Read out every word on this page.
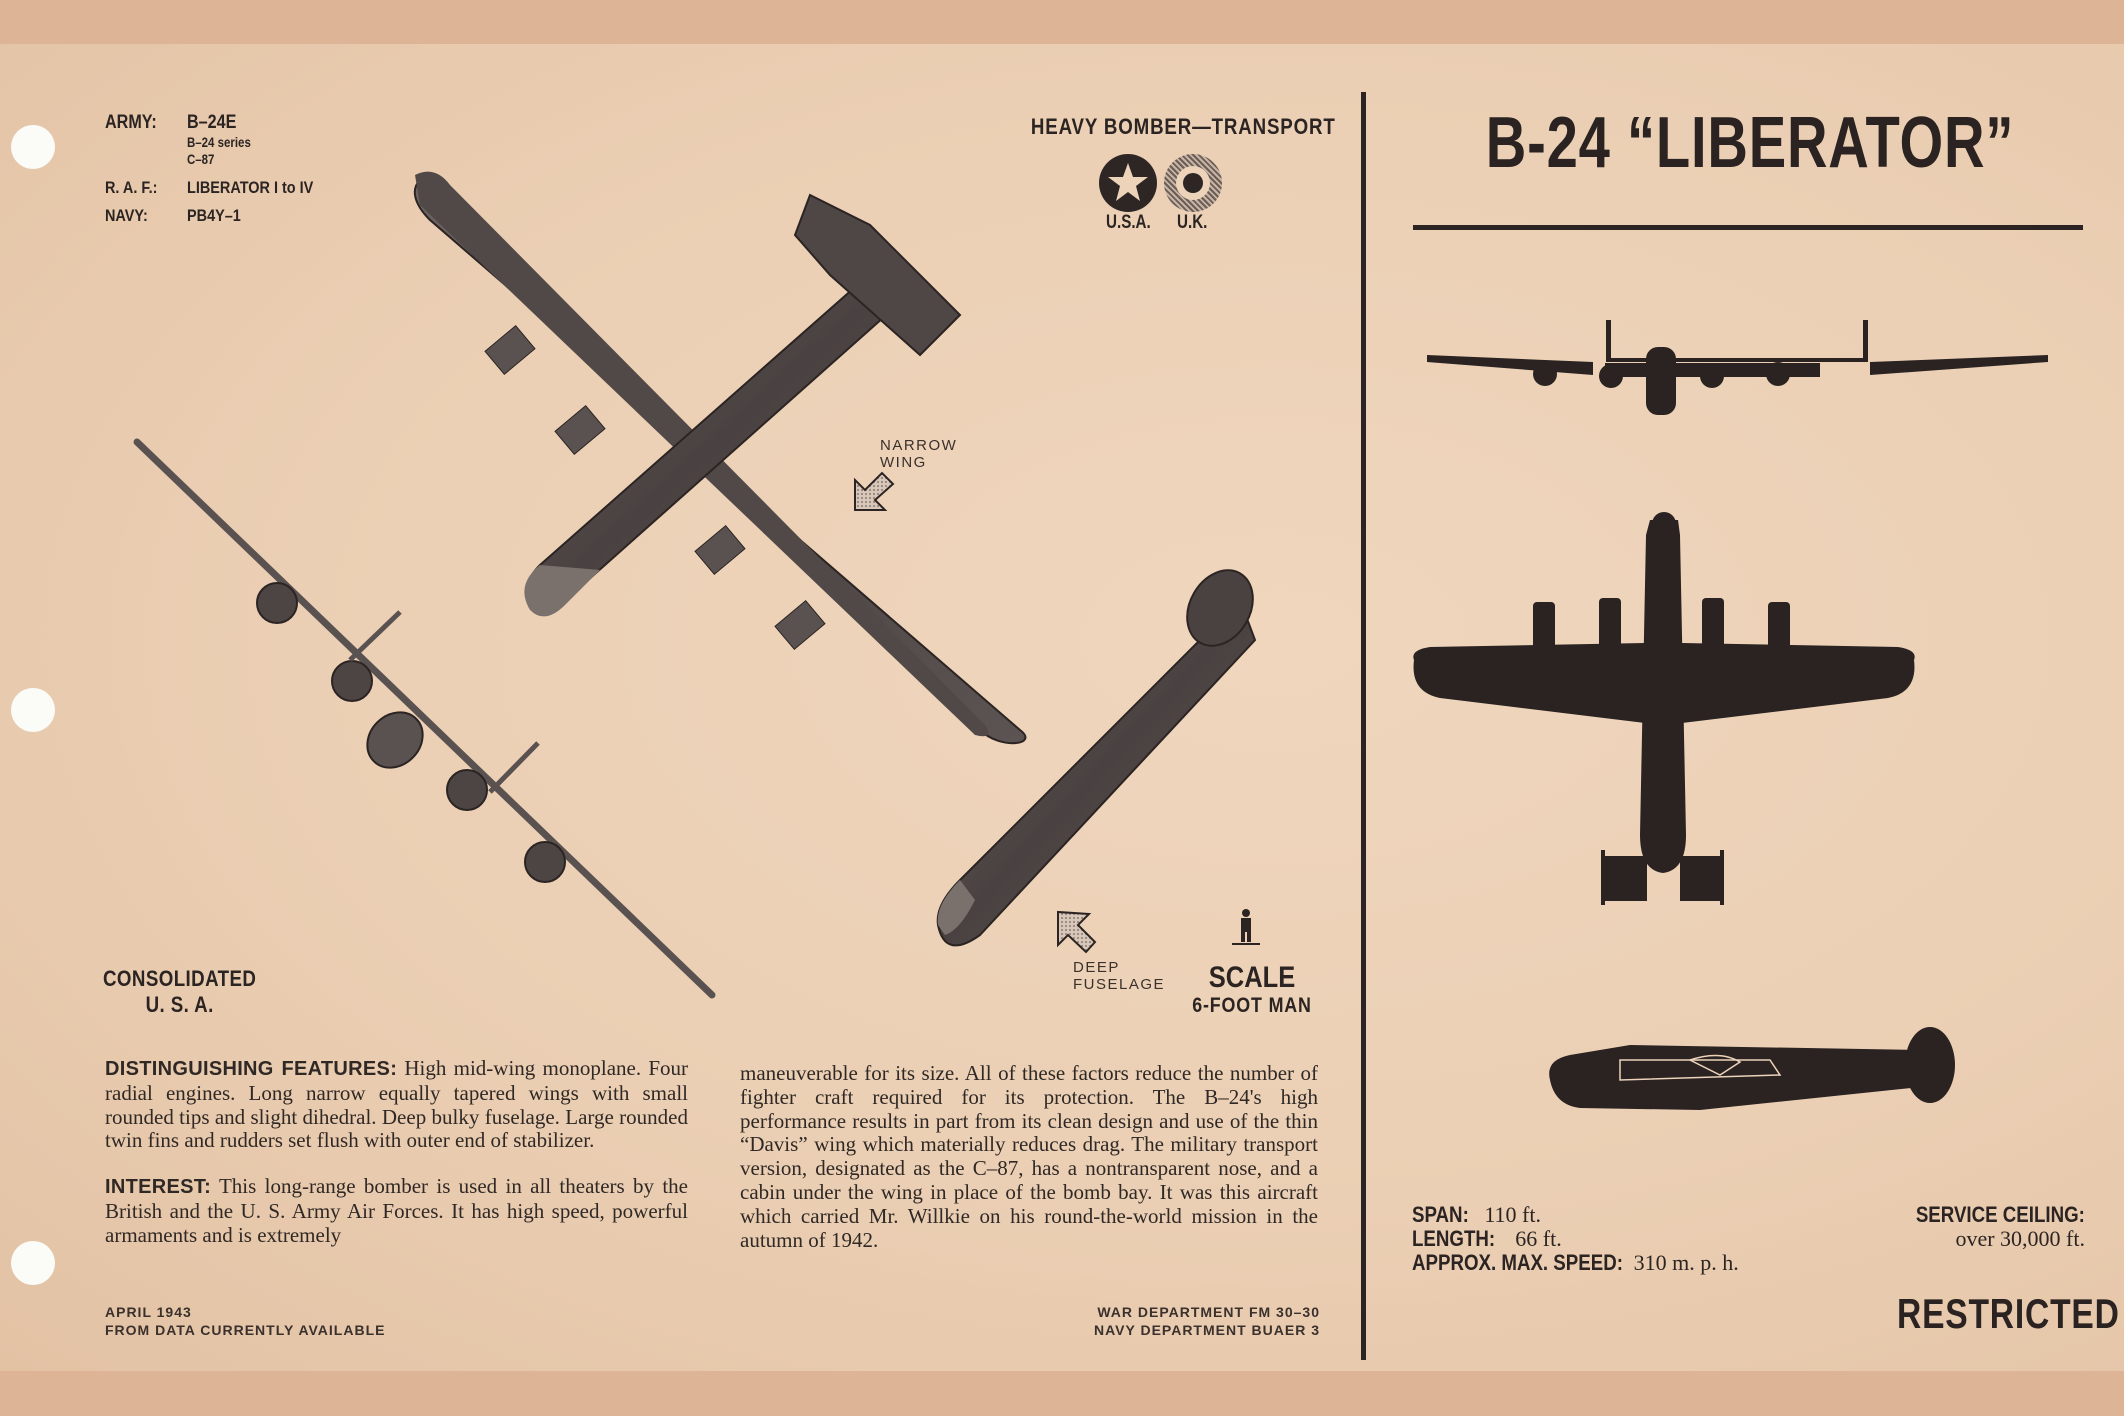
ARMY:	B–24E
B–24 series
C–87
R. A. F.:	LIBERATOR I to IV
NAVY:	PB4Y–1
HEAVY BOMBER—TRANSPORT
U.S.A. U.K.
NARROW
WING
DEEP
FUSELAGE
CONSOLIDATED
U. S. A.
SCALE
6-FOOT MAN

DISTINGUISHING FEATURES: High mid-wing monoplane. Four radial engines. Long narrow equally tapered wings with small rounded tips and slight dihedral. Deep bulky fuselage. Large rounded twin fins and rudders set flush with outer end of stabilizer.

INTEREST: This long-range bomber is used in all theaters by the British and the U. S. Army Air Forces. It has high speed, powerful armaments and is extremely

maneuverable for its size. All of these factors reduce the number of fighter craft required for its protection. The B–24's high performance results in part from its clean design and use of the thin “Davis” wing which materially reduces drag. The military transport version, designated as the C–87, has a nontransparent nose, and a cabin under the wing in place of the bomb bay. It was this aircraft which carried Mr. Willkie on his round-the-world mission in the autumn of 1942.

APRIL 1943
FROM DATA CURRENTLY AVAILABLE
WAR DEPARTMENT FM 30–30
NAVY DEPARTMENT BUAER 3
B-24 “LIBERATOR”
SPAN: 110 ft.
LENGTH: 66 ft.
APPROX. MAX. SPEED: 310 m. p. h.
SERVICE CEILING:
over 30,000 ft.
RESTRICTED
